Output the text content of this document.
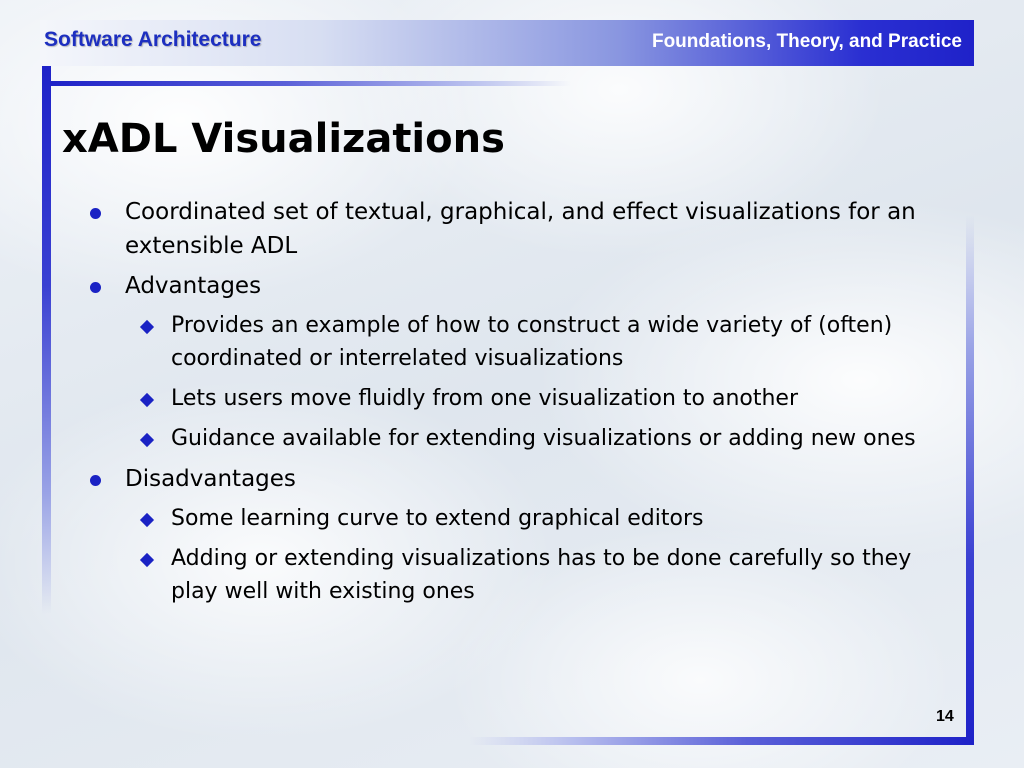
Software Architecture	Foundations, Theory, and Practice
xADL Visualizations
Coordinated set of textual, graphical, and effect visualizations for an extensible ADL
Advantages
Provides an example of how to construct a wide variety of (often) coordinated or interrelated visualizations
Lets users move fluidly from one visualization to another
Guidance available for extending visualizations or adding new ones
Disadvantages
Some learning curve to extend graphical editors
Adding or extending visualizations has to be done carefully so they play well with existing ones
14
